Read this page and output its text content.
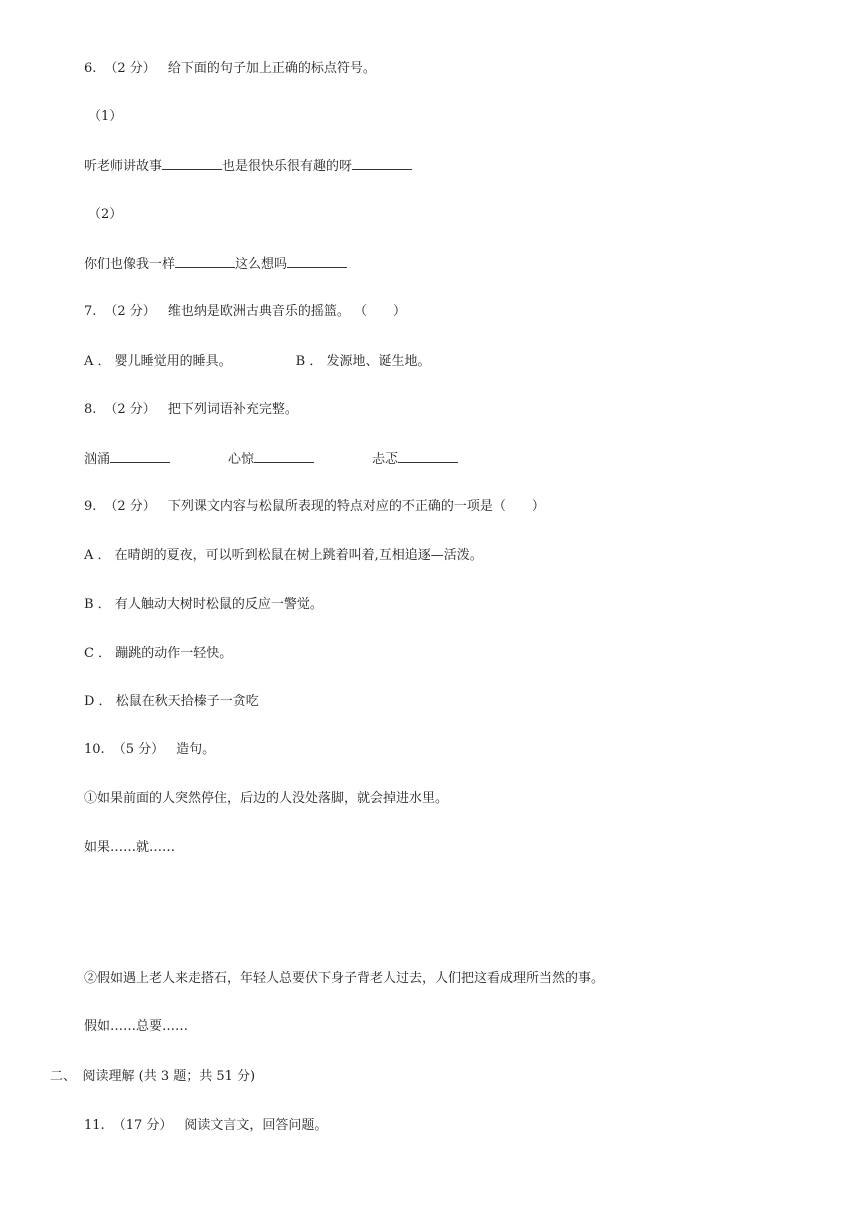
6. （2 分） 给下面的句子加上正确的标点符号。
（1）
听老师讲故事	也是很快乐很有趣的呀
（2）
你们也像我一样	这么想吗
7. （2 分） 维也纳是欧洲古典音乐的摇篮。 （　　）
A ． 婴儿睡觉用的睡具。	B ． 发源地、诞生地。
8. （2 分） 把下列词语补充完整。
汹涌	心惊	忐忑
9. （2 分） 下列课文内容与松鼠所表现的特点对应的不正确的一项是（　　）
A ． 在晴朗的夏夜，可以听到松鼠在树上跳着叫着,互相追逐—活泼。
B ． 有人触动大树时松鼠的反应一警觉。
C ． 蹦跳的动作一轻快。
D ． 松鼠在秋天拾榛子一贪吃
10. （5 分） 造句。
①如果前面的人突然停住，后边的人没处落脚，就会掉进水里。
如果……就……
②假如遇上老人来走搭石，年轻人总要伏下身子背老人过去，人们把这看成理所当然的事。
假如……总要……
二、　阅读理解 (共 3 题；共 51 分)
11. （17 分） 阅读文言文，回答问题。
